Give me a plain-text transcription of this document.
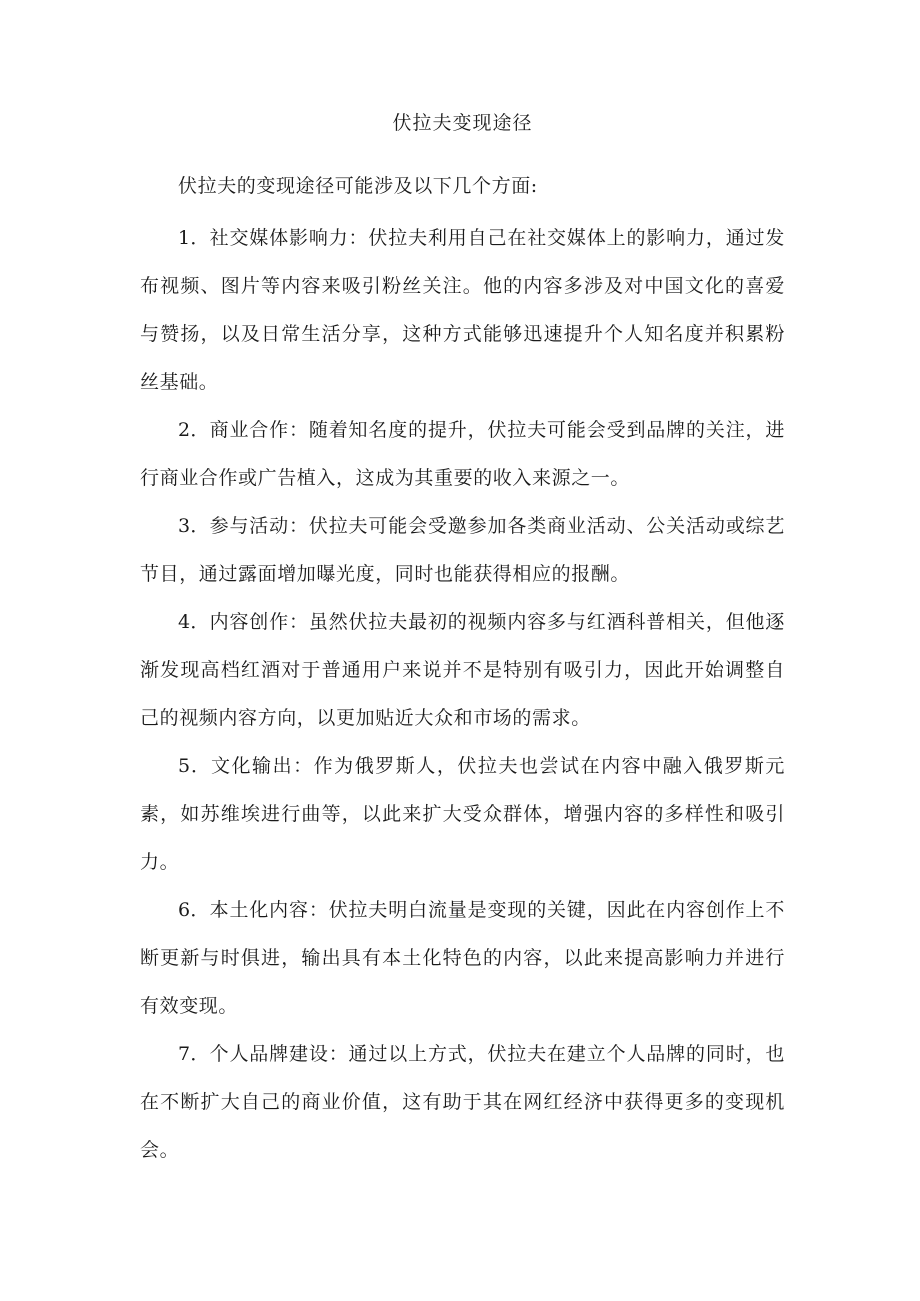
伏拉夫变现途径

伏拉夫的变现途径可能涉及以下几个方面:

1．社交媒体影响力：伏拉夫利用自己在社交媒体上的影响力，通过发布视频、图片等内容来吸引粉丝关注。他的内容多涉及对中国文化的喜爱与赞扬，以及日常生活分享，这种方式能够迅速提升个人知名度并积累粉丝基础。

2．商业合作：随着知名度的提升，伏拉夫可能会受到品牌的关注，进行商业合作或广告植入，这成为其重要的收入来源之一。

3．参与活动：伏拉夫可能会受邀参加各类商业活动、公关活动或综艺节目，通过露面增加曝光度，同时也能获得相应的报酬。

4．内容创作：虽然伏拉夫最初的视频内容多与红酒科普相关，但他逐渐发现高档红酒对于普通用户来说并不是特别有吸引力，因此开始调整自己的视频内容方向，以更加贴近大众和市场的需求。

5．文化输出：作为俄罗斯人，伏拉夫也尝试在内容中融入俄罗斯元素，如苏维埃进行曲等，以此来扩大受众群体，增强内容的多样性和吸引力。

6．本土化内容：伏拉夫明白流量是变现的关键，因此在内容创作上不断更新与时俱进，输出具有本土化特色的内容，以此来提高影响力并进行有效变现。

7．个人品牌建设：通过以上方式，伏拉夫在建立个人品牌的同时，也在不断扩大自己的商业价值，这有助于其在网红经济中获得更多的变现机会。
